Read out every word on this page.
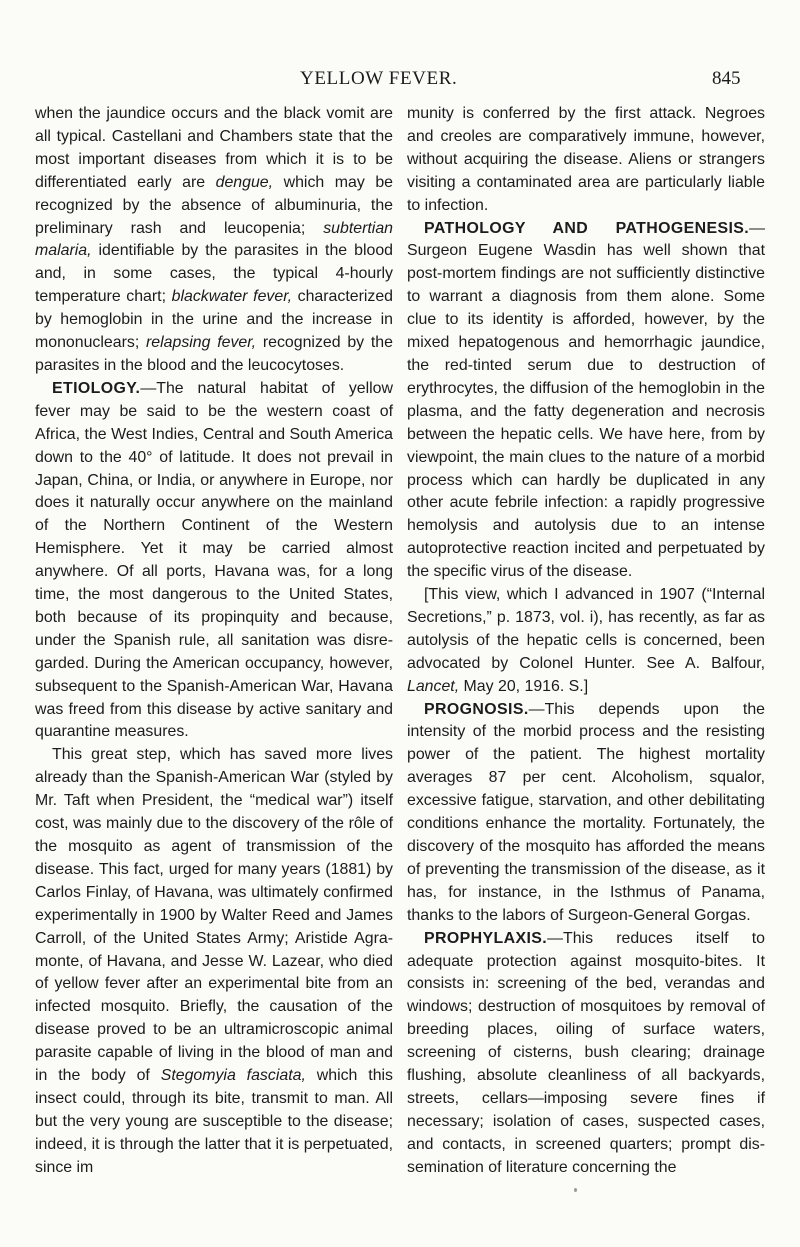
YELLOW FEVER.	845

when the jaundice occurs and the black vomit are all typical. Castellani and Chambers state that the most important diseases from which it is to be differentiated early are dengue, which may be recognized by the absence of albuminuria, the preliminary rash and leucopenia; subtertian malaria, identifiable by the parasites in the blood and, in some cases, the typical 4-hourly temperature chart; blackwater fever, characterized by hemoglobin in the urine and the increase in mononuclears; relapsing fever, recognized by the parasites in the blood and the leucocytoses.

ETIOLOGY.—The natural habitat of yellow fever may be said to be the western coast of Africa, the West Indies, Central and South America down to the 40° of latitude. It does not prevail in Japan, China, or India, or anywhere in Europe, nor does it naturally occur anywhere on the mainland of the Northern Continent of the Western Hemisphere. Yet it may be carried almost anywhere. Of all ports, Havana was, for a long time, the most dangerous to the United States, both because of its propinquity and because, under the Spanish rule, all sanitation was disregarded. During the American occupancy, however, subsequent to the Spanish-American War, Havana was freed from this disease by active sanitary and quarantine measures.

This great step, which has saved more lives already than the Spanish-American War (styled by Mr. Taft when President, the “medical war”) itself cost, was mainly due to the discovery of the rôle of the mosquito as agent of transmission of the disease. This fact, urged for many years (1881) by Carlos Finlay, of Havana, was ultimately confirmed experimentally in 1900 by Walter Reed and James Carroll, of the United States Army; Aristide Agramonte, of Havana, and Jesse W. Lazear, who died of yellow fever after an experimental bite from an infected mosquito. Briefly, the causation of the disease proved to be an ultramicroscopic animal parasite capable of living in the blood of man and in the body of Stegomyia fasciata, which this insect could, through its bite, transmit to man. All but the very young are susceptible to the disease; indeed, it is through the latter that it is perpetuated, since im

munity is conferred by the first attack. Negroes and creoles are comparatively immune, however, without acquiring the disease. Aliens or strangers visiting a contaminated area are particularly liable to infection.

PATHOLOGY AND PATHOGENESIS.—Surgeon Eugene Wasdin has well shown that post-mortem findings are not sufficiently distinctive to warrant a diagnosis from them alone. Some clue to its identity is afforded, however, by the mixed hepatogenous and hemorrhagic jaundice, the red-tinted serum due to destruction of erythrocytes, the diffusion of the hemoglobin in the plasma, and the fatty degeneration and necrosis between the hepatic cells. We have here, from by viewpoint, the main clues to the nature of a morbid process which can hardly be duplicated in any other acute febrile infection: a rapidly progressive hemolysis and autolysis due to an intense autoprotective reaction incited and perpetuated by the specific virus of the disease.

[This view, which I advanced in 1907 (“Internal Secretions,” p. 1873, vol. i), has recently, as far as autolysis of the hepatic cells is concerned, been advocated by Colonel Hunter. See A. Balfour, Lancet, May 20, 1916. S.]

PROGNOSIS.—This depends upon the intensity of the morbid process and the resisting power of the patient. The highest mortality averages 87 per cent. Alcoholism, squalor, excessive fatigue, starvation, and other debilitating conditions enhance the mortality. Fortunately, the discovery of the mosquito has afforded the means of preventing the transmission of the disease, as it has, for instance, in the Isthmus of Panama, thanks to the labors of Surgeon-General Gorgas.

PROPHYLAXIS.—This reduces itself to adequate protection against mosquito-bites. It consists in: screening of the bed, verandas and windows; destruction of mosquitoes by removal of breeding places, oiling of surface waters, screening of cisterns, bush clearing; drainage flushing, absolute cleanliness of all backyards, streets, cellars—imposing severe fines if necessary; isolation of cases, suspected cases, and contacts, in screened quarters; prompt dissemination of literature concerning the
